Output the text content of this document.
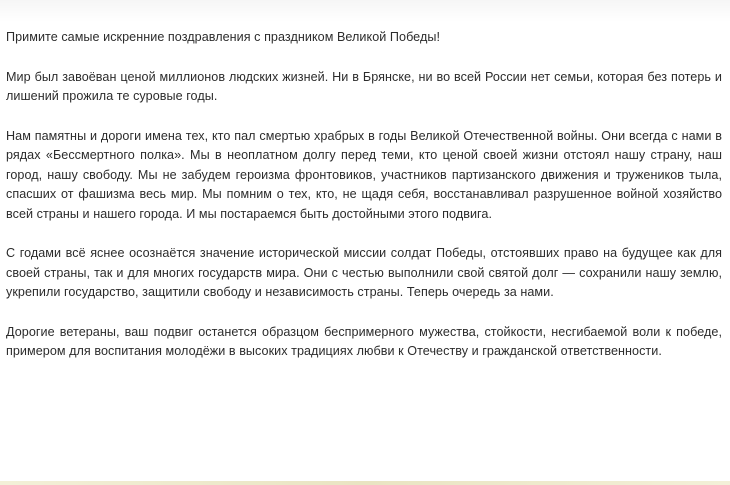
Примите самые искренние поздравления с праздником Великой Победы!

Мир был завоёван ценой миллионов людских жизней. Ни в Брянске, ни во всей России нет семьи, которая без потерь и лишений прожила те суровые годы.

Нам памятны и дороги имена тех, кто пал смертью храбрых в годы Великой Отечественной войны. Они всегда с нами в рядах «Бессмертного полка». Мы в неоплатном долгу перед теми, кто ценой своей жизни отстоял нашу страну, наш город, нашу свободу. Мы не забудем героизма фронтовиков, участников партизанского движения и тружеников тыла, спасших от фашизма весь мир. Мы помним о тех, кто, не щадя себя, восстанавливал разрушенное войной хозяйство всей страны и нашего города. И мы постараемся быть достойными этого подвига.

С годами всё яснее осознаётся значение исторической миссии солдат Победы, отстоявших право на будущее как для своей страны, так и для многих государств мира. Они с честью выполнили свой святой долг — сохранили нашу землю, укрепили государство, защитили свободу и независимость страны. Теперь очередь за нами.

Дорогие ветераны, ваш подвиг останется образцом беспримерного мужества, стойкости, несгибаемой воли к победе, примером для воспитания молодёжи в высоких традициях любви к Отечеству и гражданской ответственности.
